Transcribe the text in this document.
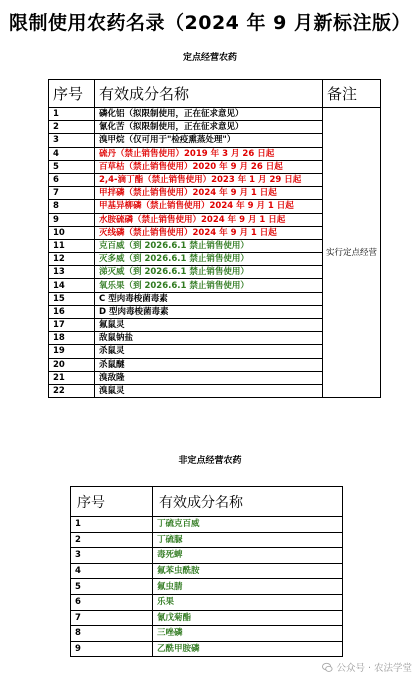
限制使用农药名录（2024 年 9 月新标注版）
定点经营农药
序号	有效成分名称	备注
1	磷化铝（拟限制使用，正在征求意见）	实行定点经营
2	氰化苦（拟限制使用，正在征求意见）	
3	溴甲烷（仅可用于"检疫熏蒸处理"）	
4	硫丹（禁止销售使用）2019 年 3 月 26 日起	
5	百草枯（禁止销售使用）2020 年 9 月 26 日起	
6	2,4-滴丁酯（禁止销售使用）2023 年 1 月 29 日起	
7	甲拌磷（禁止销售使用）2024 年 9 月 1 日起	
8	甲基异柳磷（禁止销售使用）2024 年 9 月 1 日起	
9	水胺硫磷（禁止销售使用）2024 年 9 月 1 日起	
10	灭线磷（禁止销售使用）2024 年 9 月 1 日起	
11	克百威（到 2026.6.1 禁止销售使用）	
12	灭多威（到 2026.6.1 禁止销售使用）	
13	涕灭威（到 2026.6.1 禁止销售使用）	
14	氧乐果（到 2026.6.1 禁止销售使用）	
15	C 型肉毒梭菌毒素	
16	D 型肉毒梭菌毒素	
17	氟鼠灵	
18	敌鼠钠盐	
19	杀鼠灵	
20	杀鼠醚	
21	溴敌隆	
22	溴鼠灵	
非定点经营农药
序号	有效成分名称
1	丁硫克百威
2	丁硫脲
3	毒死蜱
4	氟苯虫酰胺
5	氟虫腈
6	乐果
7	氰戊菊酯
8	三唑磷
9	乙酰甲胺磷
公众号 · 农法学堂
